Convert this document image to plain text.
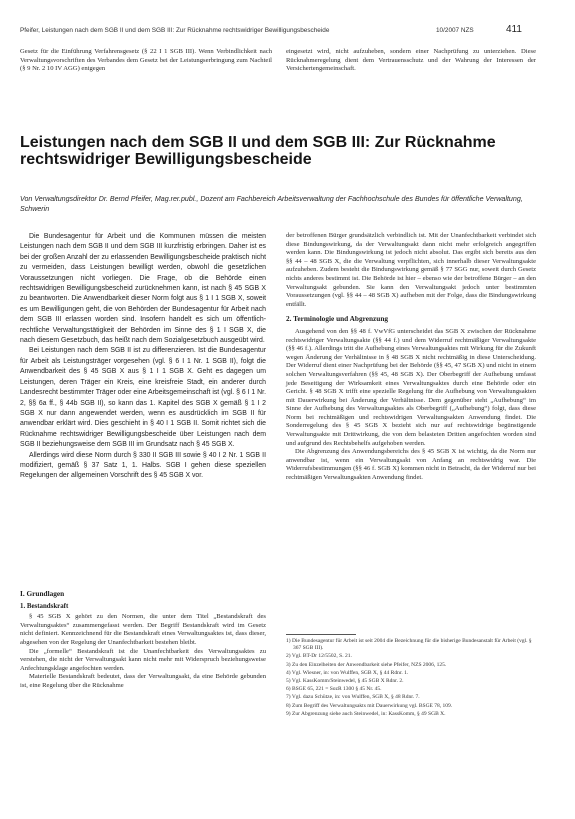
Pfeifer, Leistungen nach dem SGB II und dem SGB III: Zur Rücknahme rechtswidriger Bewilligungsbescheide	10/2007 NZS	411

Gesetz für die Einführung Verfahrensgesetz (§ 22 I 1 SGB III). Wenn Verbindlichkeit nach Verwaltungsvorschriften des Verbandes dem Gesetz bei der Leistungserbringung zum Nachteil (§ 9 Nr. 2 10 IV AGG) entgegen

eingesetzt wird, nicht aufzuheben, sondern einer Nachprüfung zu unterziehen. Diese Rücknahmeregelung dient dem Vertrauensschutz und der Wahrung der Interessen der Versichertengemeinschaft.

Leistungen nach dem SGB II und dem SGB III: Zur Rücknahme rechtswidriger Bewilligungsbescheide

Von Verwaltungsdirektor Dr. Bernd Pfeifer, Mag.rer.publ., Dozent am Fachbereich Arbeitsverwaltung der Fachhochschule des Bundes für öffentliche Verwaltung, Schwerin

Die Bundesagentur für Arbeit und die Kommunen müssen die meisten Leistungen nach dem SGB II und dem SGB III kurzfristig erbringen. Daher ist es bei der großen Anzahl der zu erlassenden Bewilligungsbescheide praktisch nicht zu vermeiden, dass Leistungen bewilligt werden, obwohl die gesetzlichen Voraussetzungen nicht vorliegen. Die Frage, ob die Behörde einen rechtswidrigen Bewilligungsbescheid zurücknehmen kann, ist nach § 45 SGB X zu beantworten. Die Anwendbarkeit dieser Norm folgt aus § 1 I 1 SGB X, soweit es um Bewilligungen geht, die von Behörden der Bundesagentur für Arbeit nach dem SGB III erlassen worden sind. Insofern handelt es sich um öffentlich-rechtliche Verwaltungstätigkeit der Behörden im Sinne des § 1 I SGB X, die nach diesem Gesetzbuch, das heißt nach dem Sozialgesetzbuch ausgeübt wird.

Bei Leistungen nach dem SGB II ist zu differenzieren. Ist die Bundesagentur für Arbeit als Leistungsträger vorgesehen (vgl. § 6 I 1 Nr. 1 SGB II), folgt die Anwendbarkeit des § 45 SGB X aus § 1 I 1 SGB X. Geht es dagegen um Leistungen, deren Träger ein Kreis, eine kreisfreie Stadt, ein anderer durch Landesrecht bestimmter Träger oder eine Arbeitsgemeinschaft ist (vgl. § 6 I 1 Nr. 2, §§ 6a ff., § 44b SGB II), so kann das 1. Kapitel des SGB X gemäß § 1 I 2 SGB X nur dann angewendet werden, wenn es ausdrücklich im SGB II für anwendbar erklärt wird. Dies geschieht in § 40 I 1 SGB II. Somit richtet sich die Rücknahme rechtswidriger Bewilligungsbescheide über Leistungen nach dem SGB II beziehungsweise dem SGB III im Grundsatz nach § 45 SGB X.

Allerdings wird diese Norm durch § 330 II SGB III sowie § 40 I 2 Nr. 1 SGB II modifiziert, gemäß § 37 Satz 1, 1. Halbs. SGB I gehen diese speziellen Regelungen der allgemeinen Vorschrift des § 45 SGB X vor.

I. Grundlagen
1. Bestandskraft

§ 45 SGB X gehört zu den Normen, die unter dem Titel „Bestandskraft des Verwaltungsaktes“ zusammengefasst werden. Der Begriff Bestandskraft wird im Gesetz nicht definiert. Kennzeichnend für die Bestandskraft eines Verwaltungsaktes ist, dass dieser, abgesehen von der Regelung der Unanfechtbarkeit bestehen bleibt.

Die „formelle“ Bestandskraft ist die Unanfechtbarkeit des Verwaltungsaktes zu verstehen, die nicht der Verwaltungsakt kann nicht mehr mit Widerspruch beziehungsweise Anfechtungsklage angefochten werden.

Materielle Bestandskraft bedeutet, dass der Verwaltungsakt, da eine Behörde gebunden ist, eine Regelung über die Rücknahme

der betroffenen Bürger grundsätzlich verbindlich ist. Mit der Unanfechtbarkeit verbindet sich diese Bindungswirkung, da der Verwaltungsakt dann nicht mehr erfolgreich angegriffen werden kann. Die Bindungswirkung ist jedoch nicht absolut. Das ergibt sich bereits aus den §§ 44 – 48 SGB X, die die Verwaltung verpflichten, sich innerhalb dieser Verwaltungsakte aufzuheben. Zudem besteht die Bindungswirkung gemäß § 77 SGG nur, soweit durch Gesetz nichts anderes bestimmt ist. Die Behörde ist hier – ebenso wie der betroffene Bürger – an den Verwaltungsakt gebunden. Sie kann den Verwaltungsakt jedoch unter bestimmten Voraussetzungen (vgl. §§ 44 – 48 SGB X) aufheben mit der Folge, dass die Bindungswirkung entfällt.

2. Terminologie und Abgrenzung

Ausgehend von den §§ 48 f. VwVfG unterscheidet das SGB X zwischen der Rücknahme rechtswidriger Verwaltungsakte (§§ 44 f.) und dem Widerruf rechtmäßiger Verwaltungsakte (§§ 46 f.). Allerdings tritt die Aufhebung eines Verwaltungsaktes mit Wirkung für die Zukunft wegen Änderung der Verhältnisse in § 48 SGB X nicht rechtmäßig in diese Unterscheidung. Der Widerruf dient einer Nachprüfung bei der Behörde (§§ 45, 47 SGB X) und nicht in einem solchen Verwaltungsverfahren (§§ 45, 48 SGB X). Der Oberbegriff der Aufhebung umfasst jede Beseitigung der Wirksamkeit eines Verwaltungsaktes durch eine Behörde oder ein Gericht. § 48 SGB X trifft eine spezielle Regelung für die Aufhebung von Verwaltungsakten mit Dauerwirkung bei Änderung der Verhältnisse. Dem gegenüber steht „Aufhebung“ im Sinne der Aufhebung des Verwaltungsaktes als Oberbegriff („Aufhebung“) folgt, dass diese Norm bei rechtmäßigen und rechtswidrigen Verwaltungsakten Anwendung findet. Die Sonderregelung des § 45 SGB X bezieht sich nur auf rechtswidrige begünstigende Verwaltungsakte mit Drittwirkung, die von dem belasteten Dritten angefochten worden sind und aufgrund des Rechtsbehelfs aufgehoben werden.

Die Abgrenzung des Anwendungsbereichs des § 45 SGB X ist wichtig, da die Norm nur anwendbar ist, wenn ein Verwaltungsakt von Anfang an rechtswidrig war. Die Widerrufsbestimmungen (§§ 46 f. SGB X) kommen nicht in Betracht, da der Widerruf nur bei rechtmäßigen Verwaltungsakten Anwendung findet.

1) Die Bundesagentur für Arbeit ist seit 2004 die Bezeichnung für die bisherige Bundesanstalt für Arbeit (vgl. § 367 SGB III).

2) Vgl. BT-Dr 12/5502, S. 21.

3) Zu den Einzelheiten der Anwendbarkeit siehe Pfeifer, NZS 2006, 125.

4) Vgl. Wiesner, in: von Wulffen, SGB X, § 44 Rdnr. 1.

5) Vgl. KassKomm/Steinwedel, § 45 SGB X Rdnr. 2.

6) BSGE 65, 221 = SozR 1300 § 45 Nr. 45.

7) Vgl. dazu Schütze, in: von Wulffen, SGB X, § 48 Rdnr. 7.

8) Zum Begriff des Verwaltungsakts mit Dauerwirkung vgl. BSGE 78, 109.

9) Zur Abgrenzung siehe auch Steinwedel, in: KassKomm, § 49 SGB X.
